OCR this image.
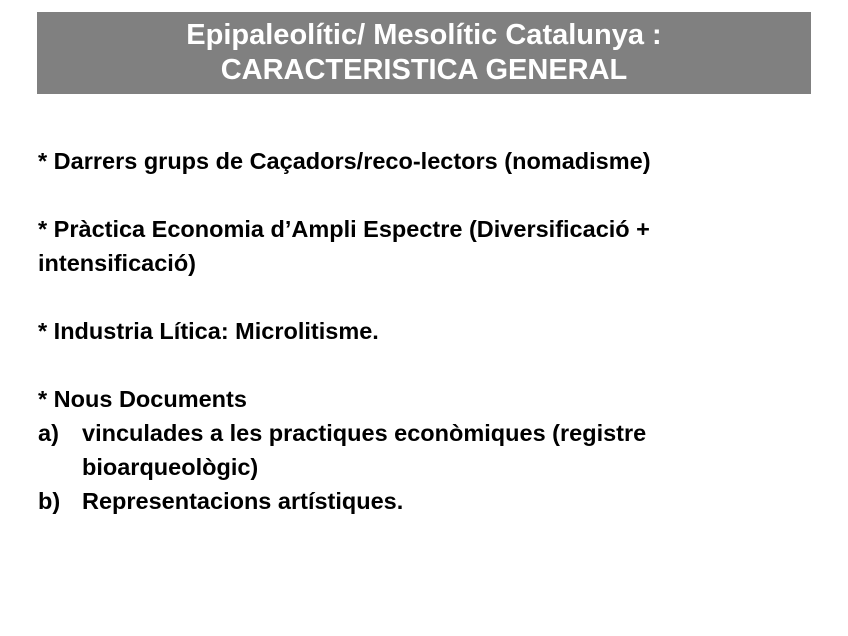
Epipaleolític/ Mesolític Catalunya :
CARACTERISTICA GENERAL

* Darrers grups de Caçadors/reco-lectors (nomadisme)

* Pràctica Economia d’Ampli Espectre (Diversificació +
intensificació)

* Industria Lítica: Microlitisme.

* Nous Documents

a) vinculades a les practiques econòmiques (registre
bioarqueològic)
b) Representacions artístiques.
